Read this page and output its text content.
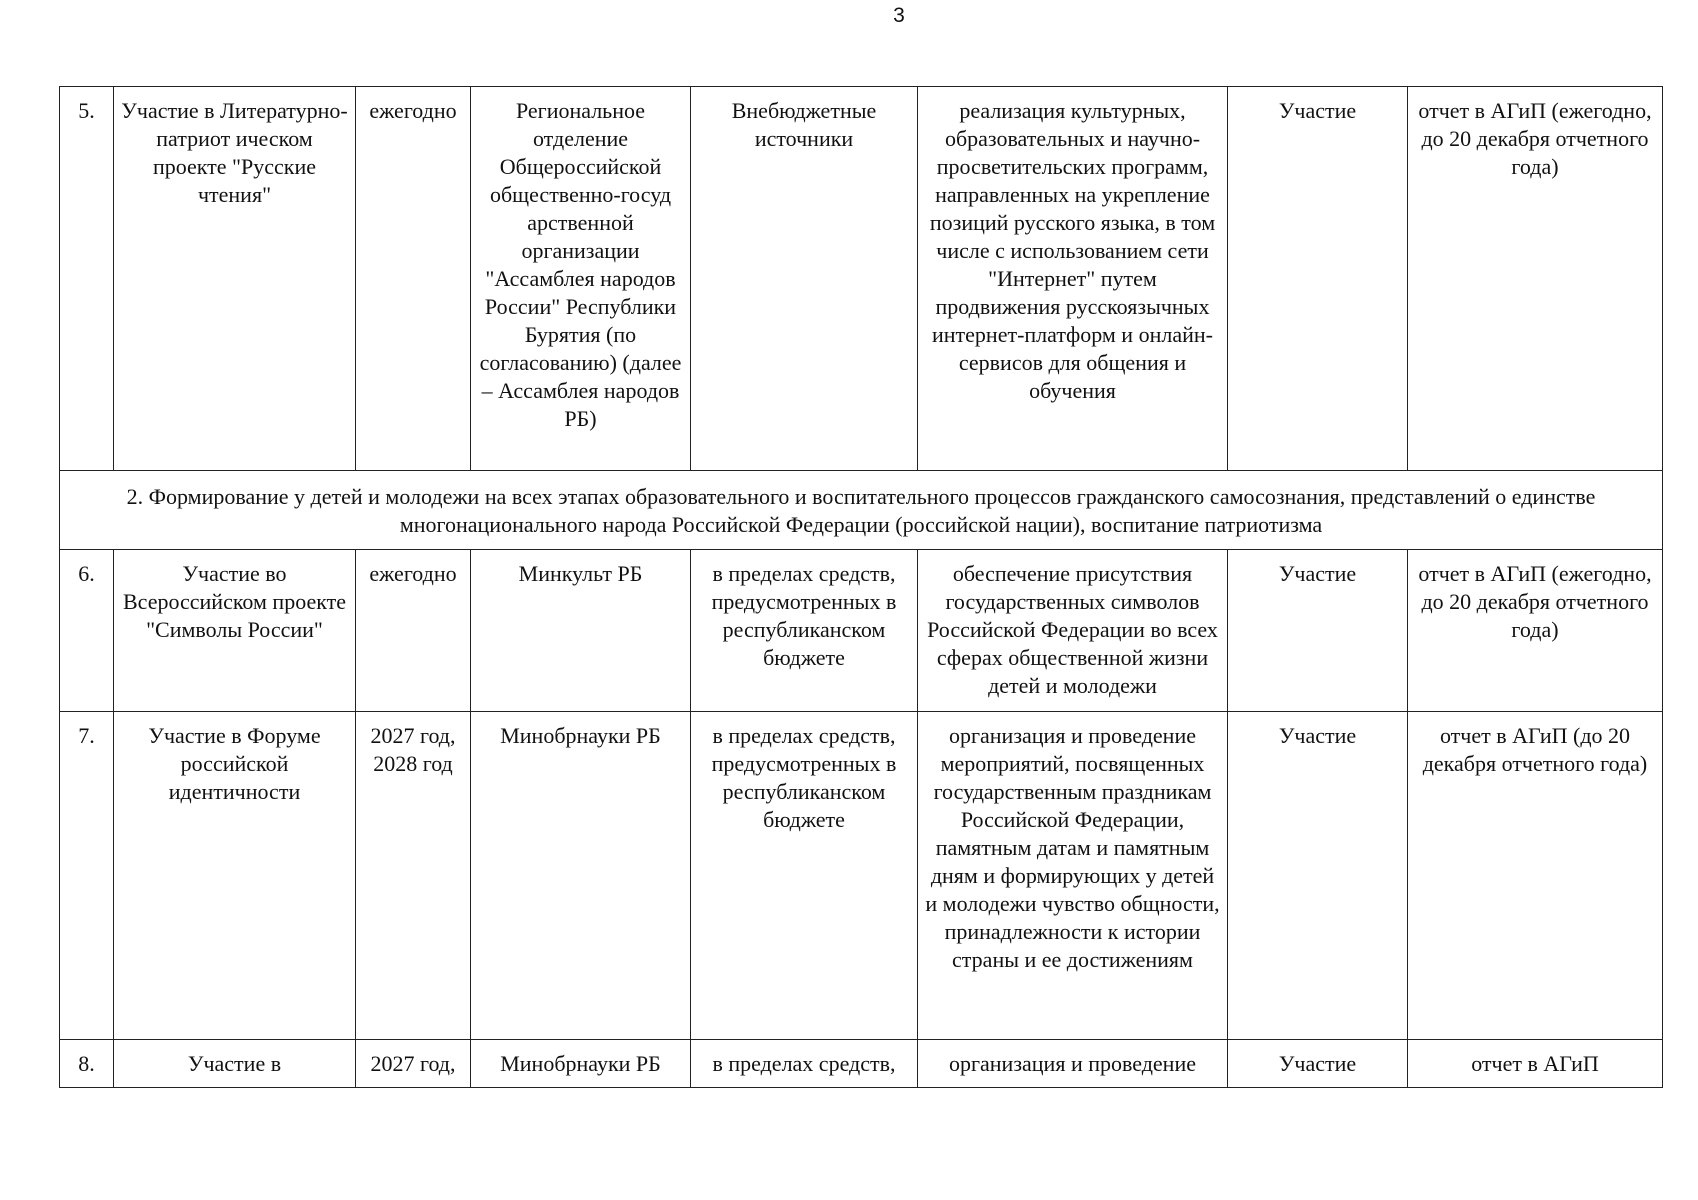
3
5.	Участие в Литературно-патриот ическом проекте "Русские чтения"	ежегодно	Региональное отделение Общероссийской общественно-госуд арственной организации "Ассамблея народов России" Республики Бурятия (по согласованию) (далее – Ассамблея народов РБ)	Внебюджетные источники	реализация культурных, образовательных и научно-просветительских программ, направленных на укрепление позиций русского языка, в том числе с использованием сети "Интернет" путем продвижения русскоязычных интернет-платформ и онлайн-сервисов для общения и обучения	Участие	отчет в АГиП (ежегодно, до 20 декабря отчетного года)
2. Формирование у детей и молодежи на всех этапах образовательного и воспитательного процессов гражданского самосознания, представлений о единстве многонационального народа Российской Федерации (российской нации), воспитание патриотизма							
6.	Участие во Всероссийском проекте "Символы России"	ежегодно	Минкульт РБ	в пределах средств, предусмотренных в республиканском бюджете	обеспечение присутствия государственных символов Российской Федерации во всех сферах общественной жизни детей и молодежи	Участие	отчет в АГиП (ежегодно, до 20 декабря отчетного года)
7.	Участие в Форуме российской идентичности	2027 год, 2028 год	Минобрнауки РБ	в пределах средств, предусмотренных в республиканском бюджете	организация и проведение мероприятий, посвященных государственным праздникам Российской Федерации, памятным датам и памятным дням и формирующих у детей и молодежи чувство общности, принадлежности к истории страны и ее достижениям	Участие	отчет в АГиП (до 20 декабря отчетного года)
8.	Участие в	2027 год,	Минобрнауки РБ	в пределах средств,	организация и проведение	Участие	отчет в АГиП
